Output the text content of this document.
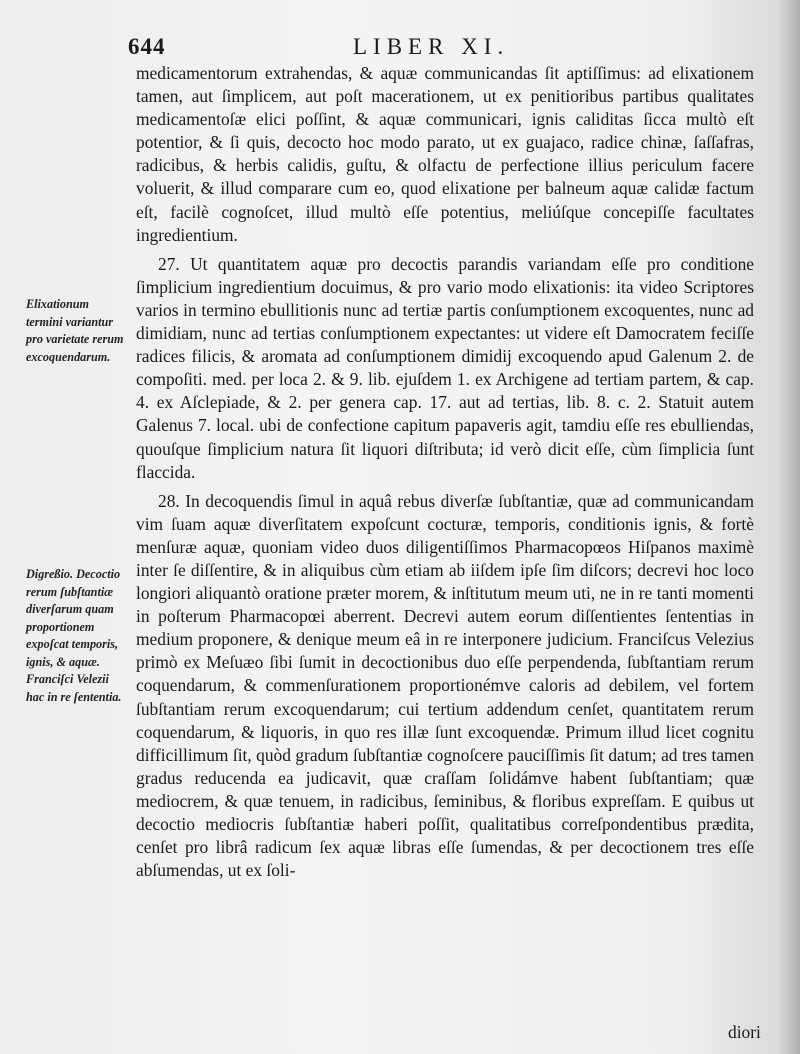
644	LIBER XI.
Elixationum termini variantur pro varietate rerum excoquendarum.
Digreßio. Decoctio rerum ſubſtantiæ diverſarum quam proportionem expoſcat temporis, ignis, & aquæ. Franciſci Velezii hac in re ſententia.

medicamentorum extrahendas, & aquæ communicandas ſit aptiſſimus: ad elixationem tamen, aut ſimplicem, aut poſt macerationem, ut ex penitioribus partibus qualitates medicamentoſæ elici poſſint, & aquæ communicari, ignis caliditas ſicca multò eſt potentior, & ſi quis, decocto hoc modo parato, ut ex guajaco, radice chinæ, ſaſſafras, radicibus, & herbis calidis, guſtu, & olfactu de perfectione illius periculum facere voluerit, & illud comparare cum eo, quod elixatione per balneum aquæ calidæ factum eſt, facilè cognoſcet, illud multò eſſe potentius, meliúſque concepiſſe facultates ingredientium.

27. Ut quantitatem aquæ pro decoctis parandis variandam eſſe pro conditione ſimplicium ingredientium docuimus, & pro vario modo elixationis: ita video Scriptores varios in termino ebullitionis nunc ad tertiæ partis conſumptionem excoquentes, nunc ad dimidiam, nunc ad tertias conſumptionem expectantes: ut videre eſt Damocratem feciſſe radices filicis, & aromata ad conſumptionem dimidij excoquendo apud Galenum 2. de compoſiti. med. per loca 2. & 9. lib. ejuſdem 1. ex Archigene ad tertiam partem, & cap. 4. ex Aſclepiade, & 2. per genera cap. 17. aut ad tertias, lib. 8. c. 2. Statuit autem Galenus 7. local. ubi de confectione capitum papaveris agit, tamdiu eſſe res ebulliendas, quouſque ſimplicium natura ſit liquori diſtributa; id verò dicit eſſe, cùm ſimplicia ſunt flaccida.

28. In decoquendis ſimul in aquâ rebus diverſæ ſubſtantiæ, quæ ad communicandam vim ſuam aquæ diverſitatem expoſcunt cocturæ, temporis, conditionis ignis, & fortè menſuræ aquæ, quoniam video duos diligentiſſimos Pharmacopœos Hiſpanos maximè inter ſe diſſentire, & in aliquibus cùm etiam ab iiſdem ipſe ſim diſcors; decrevi hoc loco longiori aliquantò oratione præter morem, & inſtitutum meum uti, ne in re tanti momenti in poſterum Pharmacopœi aberrent. Decrevi autem eorum diſſentientes ſententias in medium proponere, & denique meum eâ in re interponere judicium. Franciſcus Velezius primò ex Meſuæo ſibi ſumit in decoctionibus duo eſſe perpendenda, ſubſtantiam rerum coquendarum, & commenſurationem proportionémve caloris ad debilem, vel fortem ſubſtantiam rerum excoquendarum; cui tertium addendum cenſet, quantitatem rerum coquendarum, & liquoris, in quo res illæ ſunt excoquendæ. Primum illud licet cognitu difficillimum ſit, quòd gradum ſubſtantiæ cognoſcere pauciſſimis ſit datum; ad tres tamen gradus reducenda ea judicavit, quæ craſſam ſolidámve habent ſubſtantiam; quæ mediocrem, & quæ tenuem, in radicibus, ſeminibus, & floribus expreſſam. E quibus ut decoctio mediocris ſubſtantiæ haberi poſſit, qualitatibus correſpondentibus prædita, cenſet pro librâ radicum ſex aquæ libras eſſe ſumendas, & per decoctionem tres eſſe abſumendas, ut ex ſoli-

diori
